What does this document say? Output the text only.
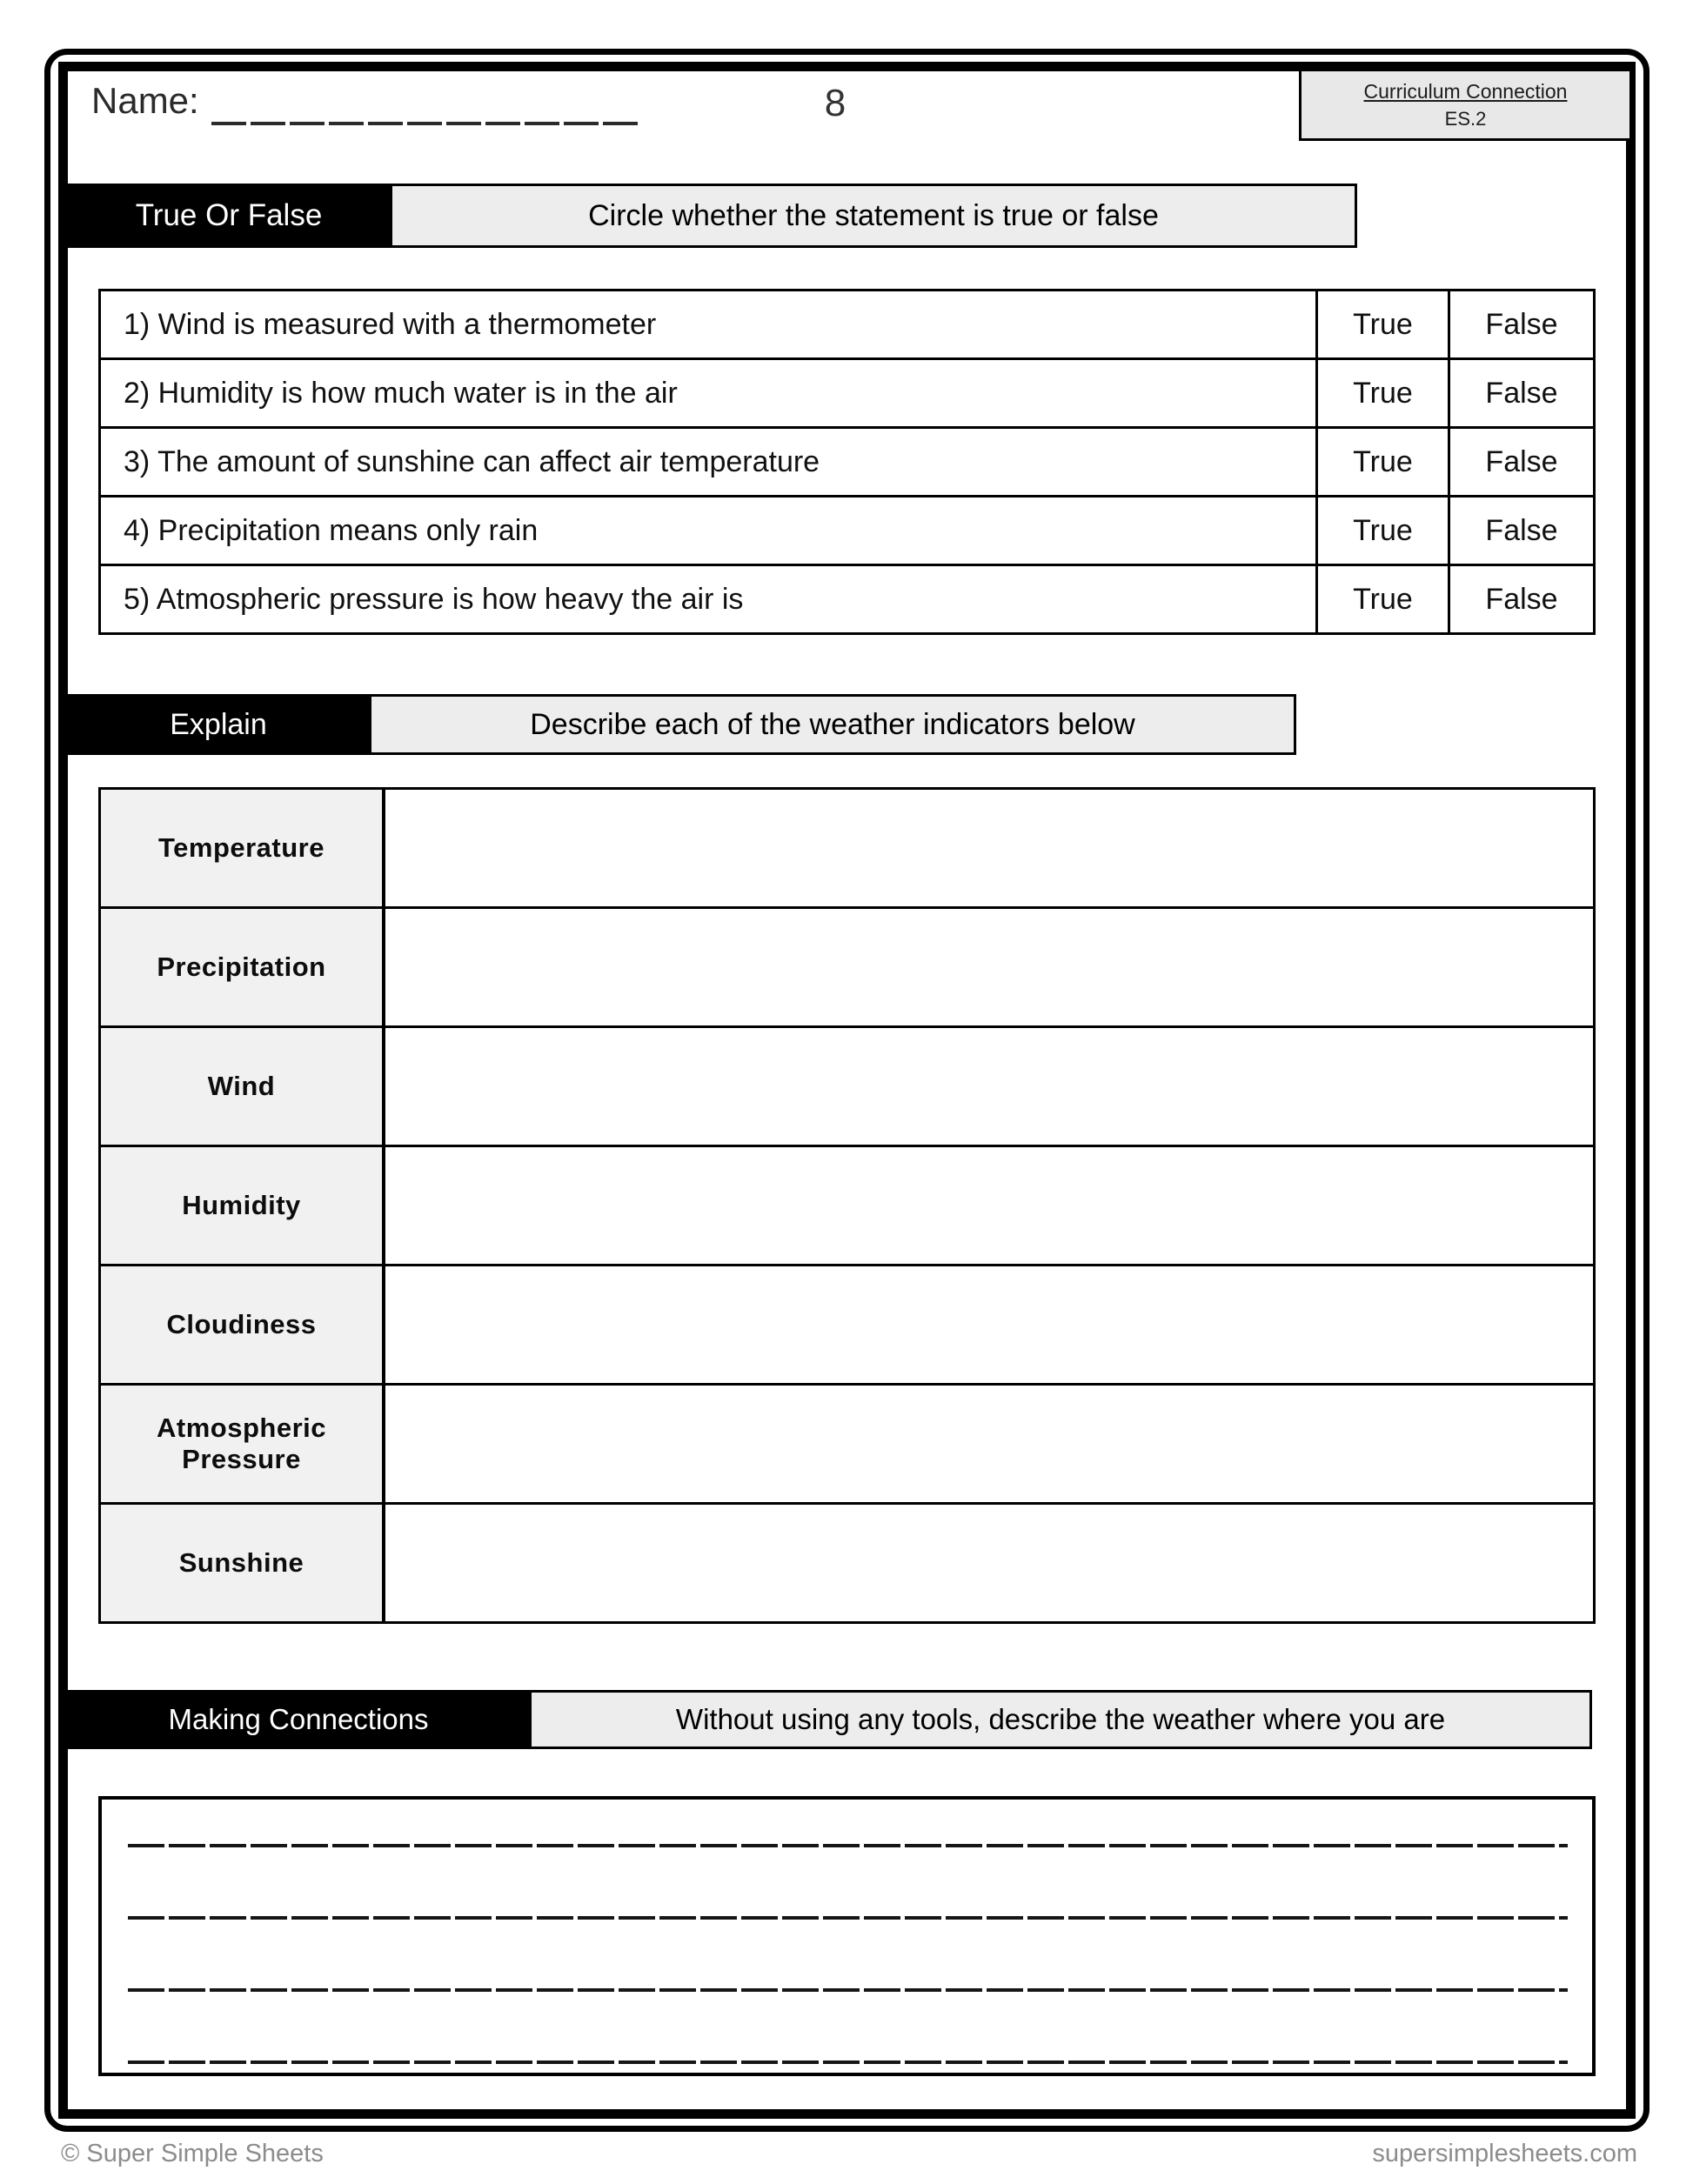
Name:	8	Curriculum Connection
ES.2
True Or False	Circle whether the statement is true or false
1) Wind is measured with a thermometer	True	False
2) Humidity is how much water is in the air	True	False
3) The amount of sunshine can affect air temperature	True	False
4) Precipitation means only rain	True	False
5) Atmospheric pressure is how heavy the air is	True	False
Explain	Describe each of the weather indicators below
Temperature
Precipitation
Wind
Humidity
Cloudiness
Atmospheric Pressure
Sunshine
Making Connections	Without using any tools, describe the weather where you are
© Super Simple Sheets	supersimplesheets.com
